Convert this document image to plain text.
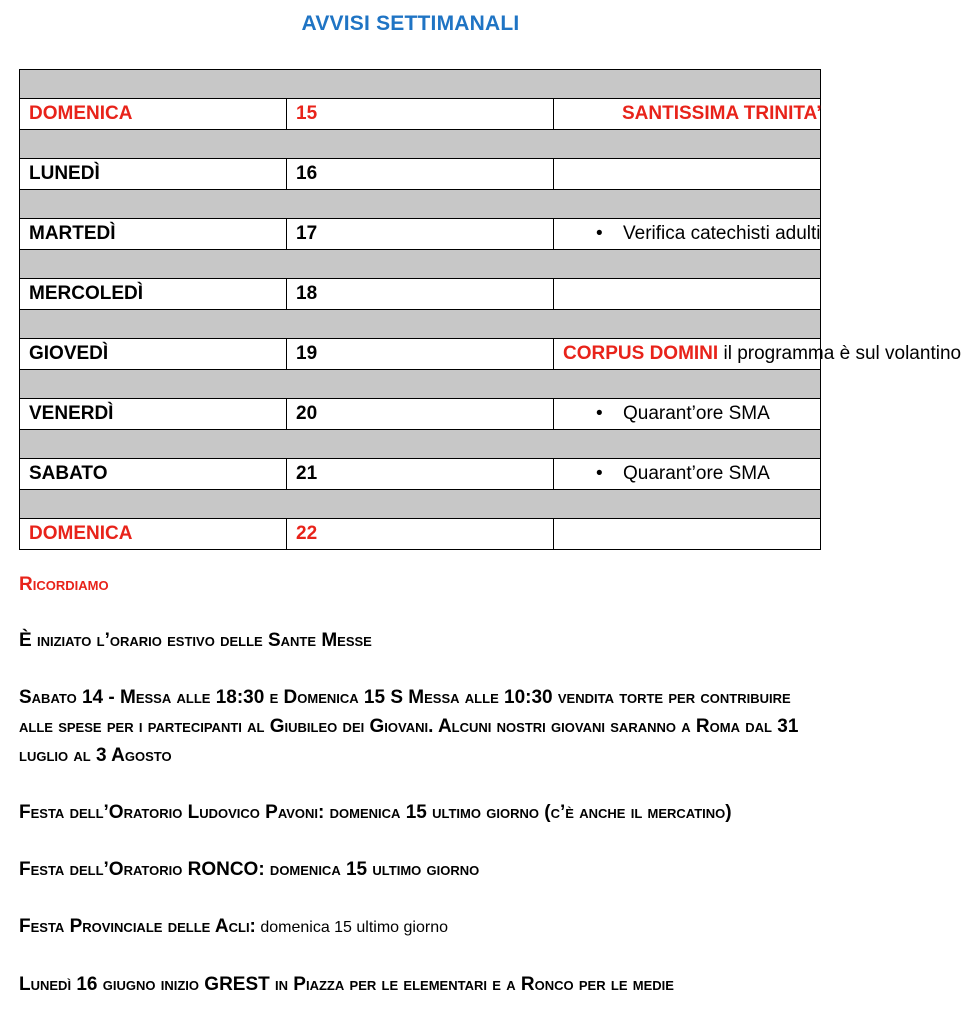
AVVISI SETTIMANALI

DOMENICA	15	SANTISSIMA TRINITA’

LUNEDÌ	16	

MARTEDÌ	17	• Verifica catechisti adulti

MERCOLEDÌ	18	

GIOVEDÌ	19	CORPUS DOMINI il programma è sul volantino

VENERDÌ	20	• Quarant’ore SMA

SABATO	21	• Quarant’ore SMA

DOMENICA	22	

Ricordiamo

È iniziato l’orario estivo delle Sante Messe

Sabato 14 - Messa alle 18:30 e Domenica 15 S Messa alle 10:30 vendita torte per contribuire alle spese per i partecipanti al Giubileo dei Giovani. Alcuni nostri giovani saranno a Roma dal 31 luglio al 3 Agosto

Festa dell’Oratorio Ludovico Pavoni: domenica 15 ultimo giorno (c’è anche il mercatino)

Festa dell’Oratorio RONCO: domenica 15 ultimo giorno

Festa Provinciale delle Acli: domenica 15 ultimo giorno

Lunedì 16 giugno inizio GREST in Piazza per le elementari e a Ronco per le medie
